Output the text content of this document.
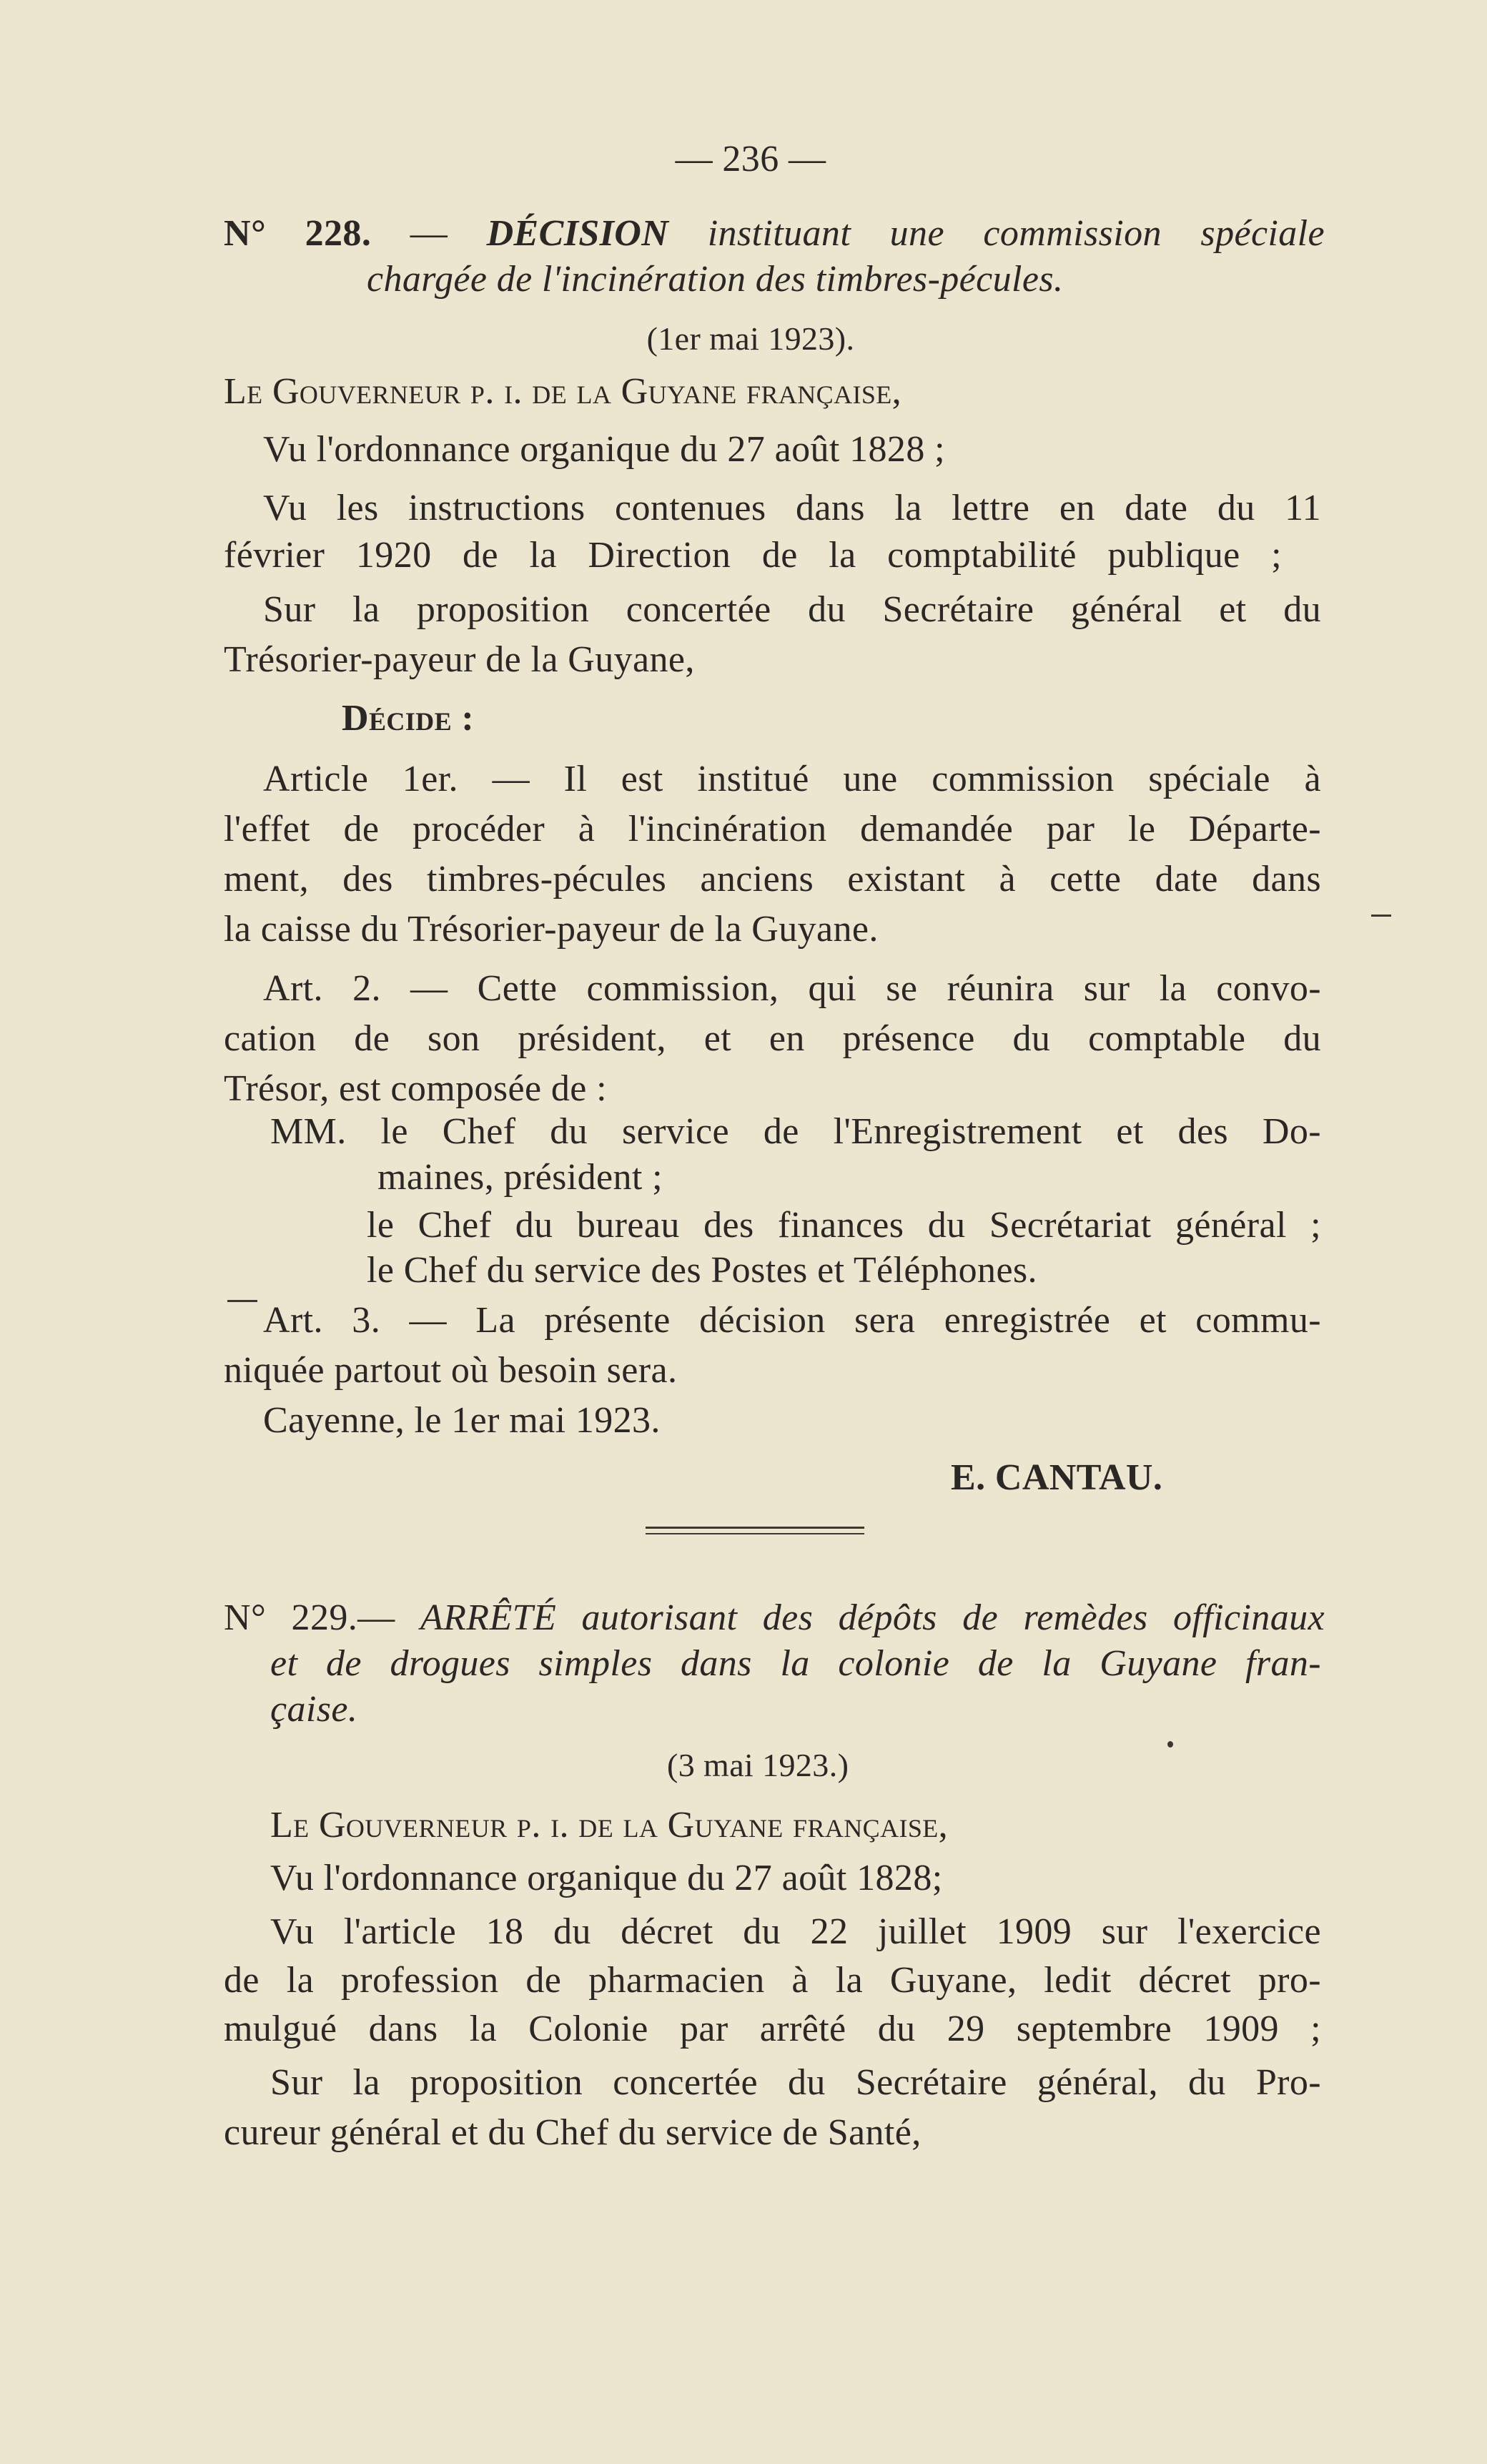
— 236 —
N° 228. — DÉCISION instituant une commission spéciale
chargée de l'incinération des timbres-pécules.
(1er mai 1923).
Le Gouverneur p. i. de la Guyane française,
Vu l'ordonnance organique du 27 août 1828 ;
Vu les instructions contenues dans la lettre en date du 11
février 1920 de la Direction de la comptabilité publique ;
Sur la proposition concertée du Secrétaire général et du
Trésorier-payeur de la Guyane,
Décide :
Article 1er. — Il est institué une commission spéciale à
l'effet de procéder à l'incinération demandée par le Départe-
ment, des timbres-pécules anciens existant à cette date dans
la caisse du Trésorier-payeur de la Guyane.
Art. 2. — Cette commission, qui se réunira sur la convo-
cation de son président, et en présence du comptable du
Trésor, est composée de :
MM. le Chef du service de l'Enregistrement et des Do-
maines, président ;
le Chef du bureau des finances du Secrétariat général ;
le Chef du service des Postes et Téléphones.
Art. 3. — La présente décision sera enregistrée et commu-
niquée partout où besoin sera.
Cayenne, le 1er mai 1923.
E. CANTAU.
N° 229.— ARRÊTÉ autorisant des dépôts de remèdes officinaux
et de drogues simples dans la colonie de la Guyane fran-
çaise.
(3 mai 1923.)
Le Gouverneur p. i. de la Guyane française,
Vu l'ordonnance organique du 27 août 1828;
Vu l'article 18 du décret du 22 juillet 1909 sur l'exercice
de la profession de pharmacien à la Guyane, ledit décret pro-
mulgué dans la Colonie par arrêté du 29 septembre 1909 ;
Sur la proposition concertée du Secrétaire général, du Pro-
cureur général et du Chef du service de Santé,
